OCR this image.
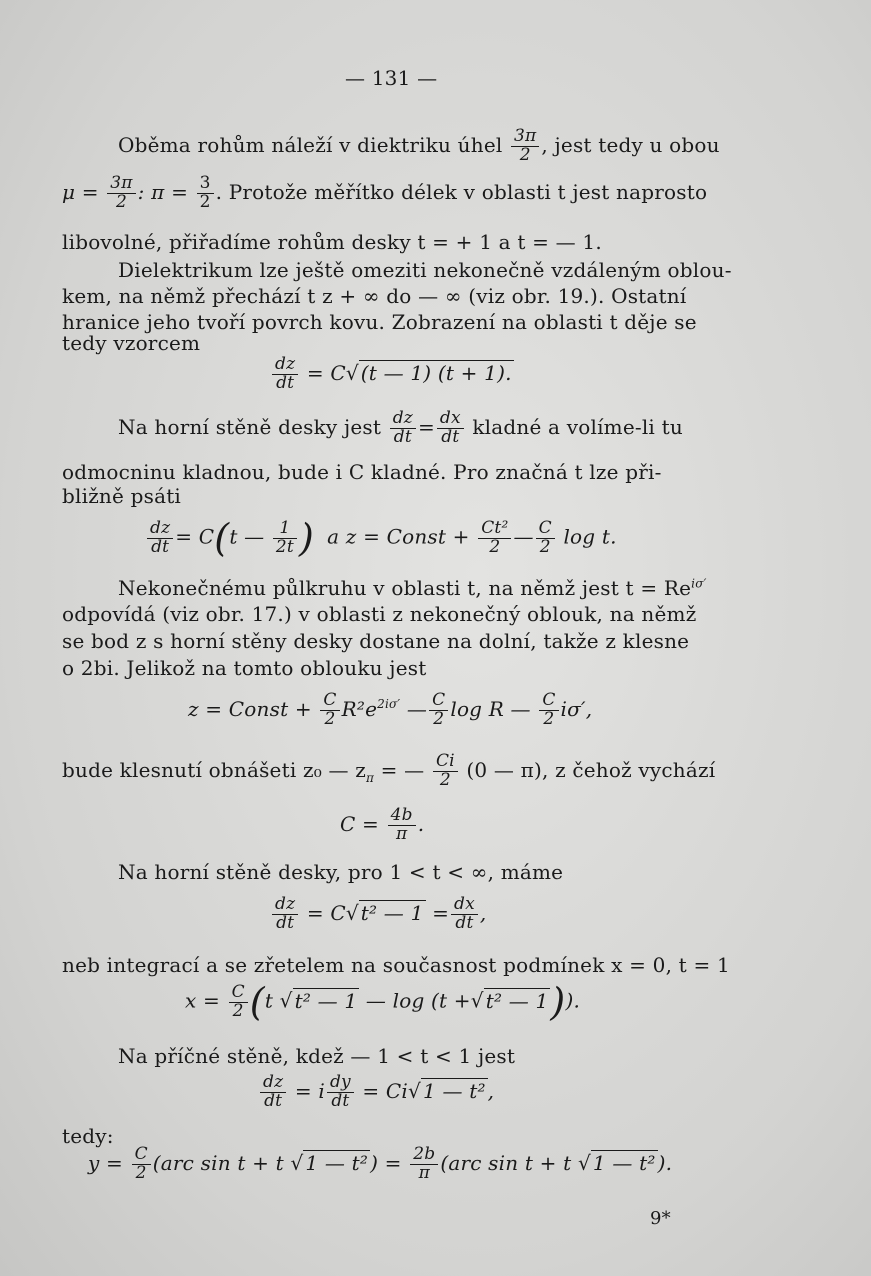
— 131 —
Oběma rohům náleží v diektriku úhel $\frac{3\pi}{2}$ , jest tedy u obou
$\mu = \frac{3\pi}{2}$ : $\pi = \frac{3}{2}$ . Protože měřítko délek v oblasti t jest naprosto
libovolné, přiřadíme rohům desky t = + 1 a t = — 1.
Dielektrikum lze ještě omeziti nekonečně vzdáleným oblou-
kem, na němž přechází t z + ∞ do — ∞ (viz obr. 19.). Ostatní
hranice jeho tvoří povrch kovu. Zobrazení na oblasti t děje se
tedy vzorcem
$\frac{dz}{dt} = C√$ (t — 1) (t + 1).
Na horní stěně desky jest $\frac{dz}{dt} = \frac{dx}{dt}$ kladné a volíme-li tu
odmocninu kladnou, bude i C kladné. Pro značná t lze při-
bližně psáti
$\frac{dz}{dt} = C(t$ — $\frac{1}{2t}$ ) a z = Const + $\frac{\text{Ct²}}{2}$ — $\frac{C}{2}$ log t.
Nekonečnému půlkruhu v oblasti t, na němž jest $t = Re^{i\sigma'}$
odpovídá (viz obr. 17.) v oblasti z nekonečný oblouk, na němž
se bod z s horní stěny desky dostane na dolní, takže z klesne
o 2bi. Jelikož na tomto oblouku jest
z = Const + $\frac{C}{2} R^2e^{2i\sigma'}$ — $\frac{C}{2}$ log R — $\frac{C}{2} i\sigma'$,
bude klesnutí obnášeti z₀ — $z_\pi$ = — $\frac{Ci}{2} (0$ — π), z čehož vychází
$C = \frac{4b}{\pi}$ .
Na horní stěně desky, pro 1 < t < ∞, máme
$\frac{dz}{dt} = C√$ t² — $1 = \frac{dx}{dt}$ ,
neb integrací a se zřetelem na současnost podmínek x = 0, t = 1
$x = \frac{C}{2} (t$ √ t² — 1 — log (t +√ t² — 1)).
Na příčné stěně, kdež — 1 < t < 1 jest
$\frac{dz}{dt} = i \frac{dy}{dt} = Ci√$ 1 — t² ,
tedy:
$y = \frac{C}{2} (arc$ sin t + t √ 1 — t² ) = $\frac{2b}{\pi} (arc$ sin t + t √ 1 — t² ).
9*
